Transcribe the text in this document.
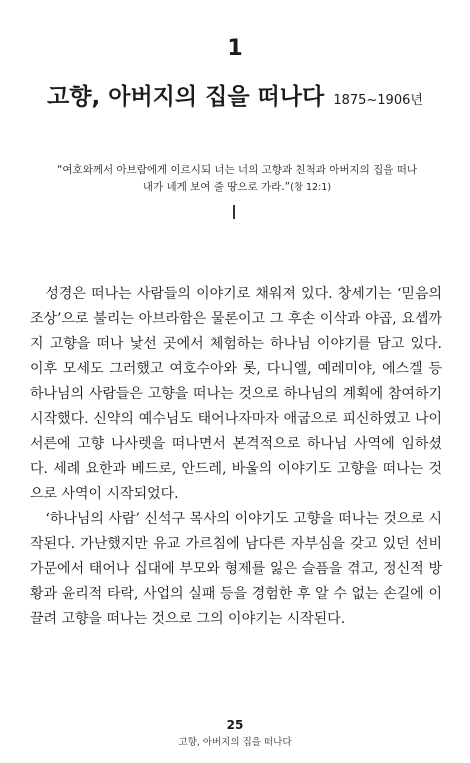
1
고향, 아버지의 집을 떠나다 1875~1906년
“여호와께서 아브람에게 이르시되 너는 너의 고향과 친척과 아버지의 집을 떠나
내가 네게 보여 줄 땅으로 가라.”(창 12:1)

성경은 떠나는 사람들의 이야기로 채워져 있다. 창세기는 ‘믿음의 조상’으로 불리는 아브라함은 물론이고 그 후손 이삭과 야곱, 요셉까지 고향을 떠나 낯선 곳에서 체험하는 하나님 이야기를 담고 있다. 이후 모세도 그러했고 여호수아와 롯, 다니엘, 예레미야, 에스겔 등 하나님의 사람들은 고향을 떠나는 것으로 하나님의 계획에 참여하기 시작했다. 신약의 예수님도 태어나자마자 애굽으로 피신하였고 나이 서른에 고향 나사렛을 떠나면서 본격적으로 하나님 사역에 임하셨다. 세례 요한과 베드로, 안드레, 바울의 이야기도 고향을 떠나는 것으로 사역이 시작되었다.

‘하나님의 사람’ 신석구 목사의 이야기도 고향을 떠나는 것으로 시작된다. 가난했지만 유교 가르침에 남다른 자부심을 갖고 있던 선비 가문에서 태어나 십대에 부모와 형제를 잃은 슬픔을 겪고, 정신적 방황과 윤리적 타락, 사업의 실패 등을 경험한 후 알 수 없는 손길에 이끌려 고향을 떠나는 것으로 그의 이야기는 시작된다.

25
고향, 아버지의 집을 떠나다
